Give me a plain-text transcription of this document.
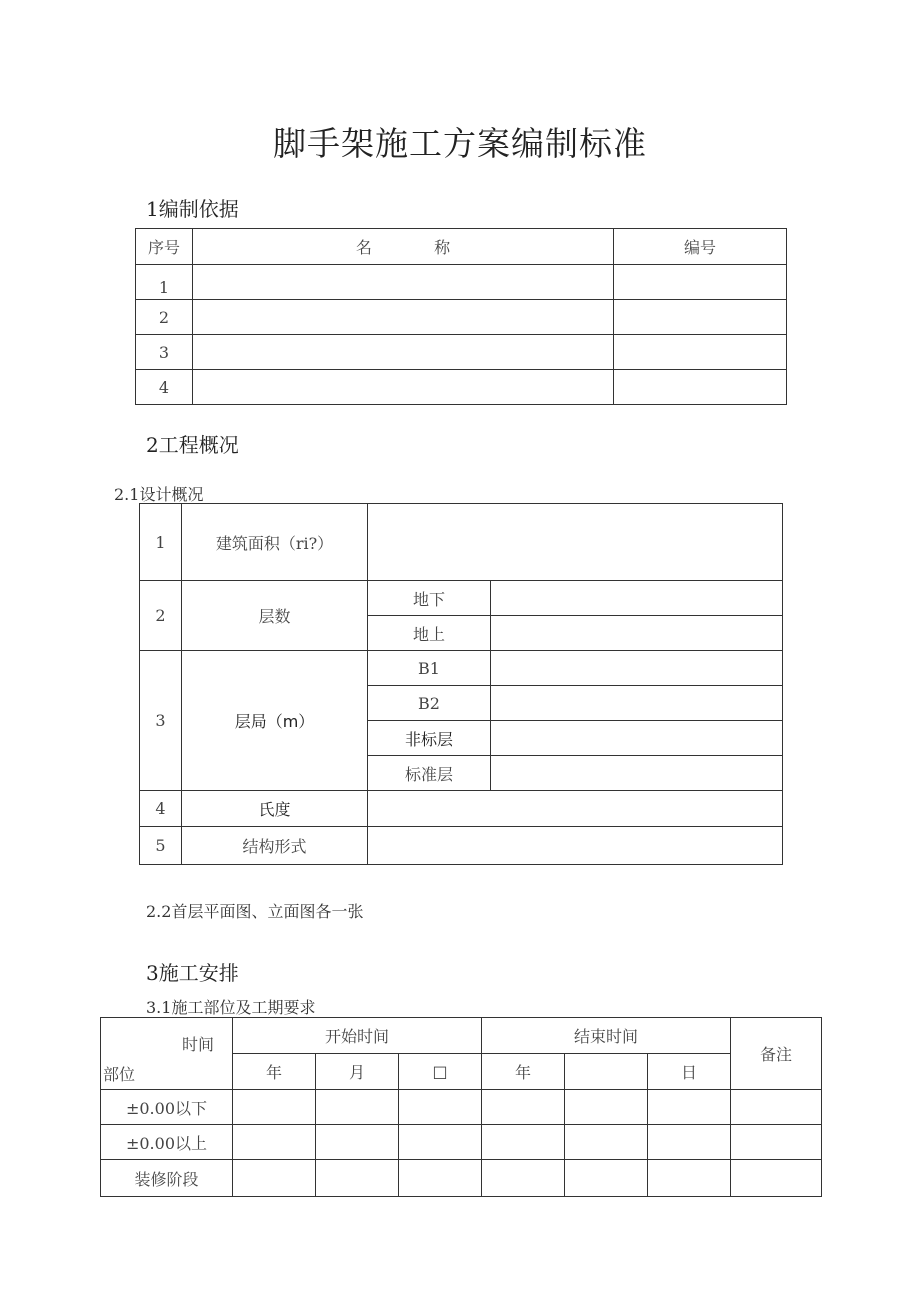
脚手架施工方案编制标准
1编制依据
序号	名 称	编号
1		
2		
3		
4		
2工程概况
2.1设计概况
1	建筑面积（ri?）		
2	层数	地下	
		地上	
3	层局（m）	B1	
		B2	
		非标层	
		标准层	
4	氏度		
5	结构形式		
2.2首层平面图、立面图各一张
3施工安排
3.1施工部位及工期要求
时间
部位	开始时间			结束时间			备注
	年	月	□	年		日	
±0.00以下							
±0.00以上							
装修阶段							
